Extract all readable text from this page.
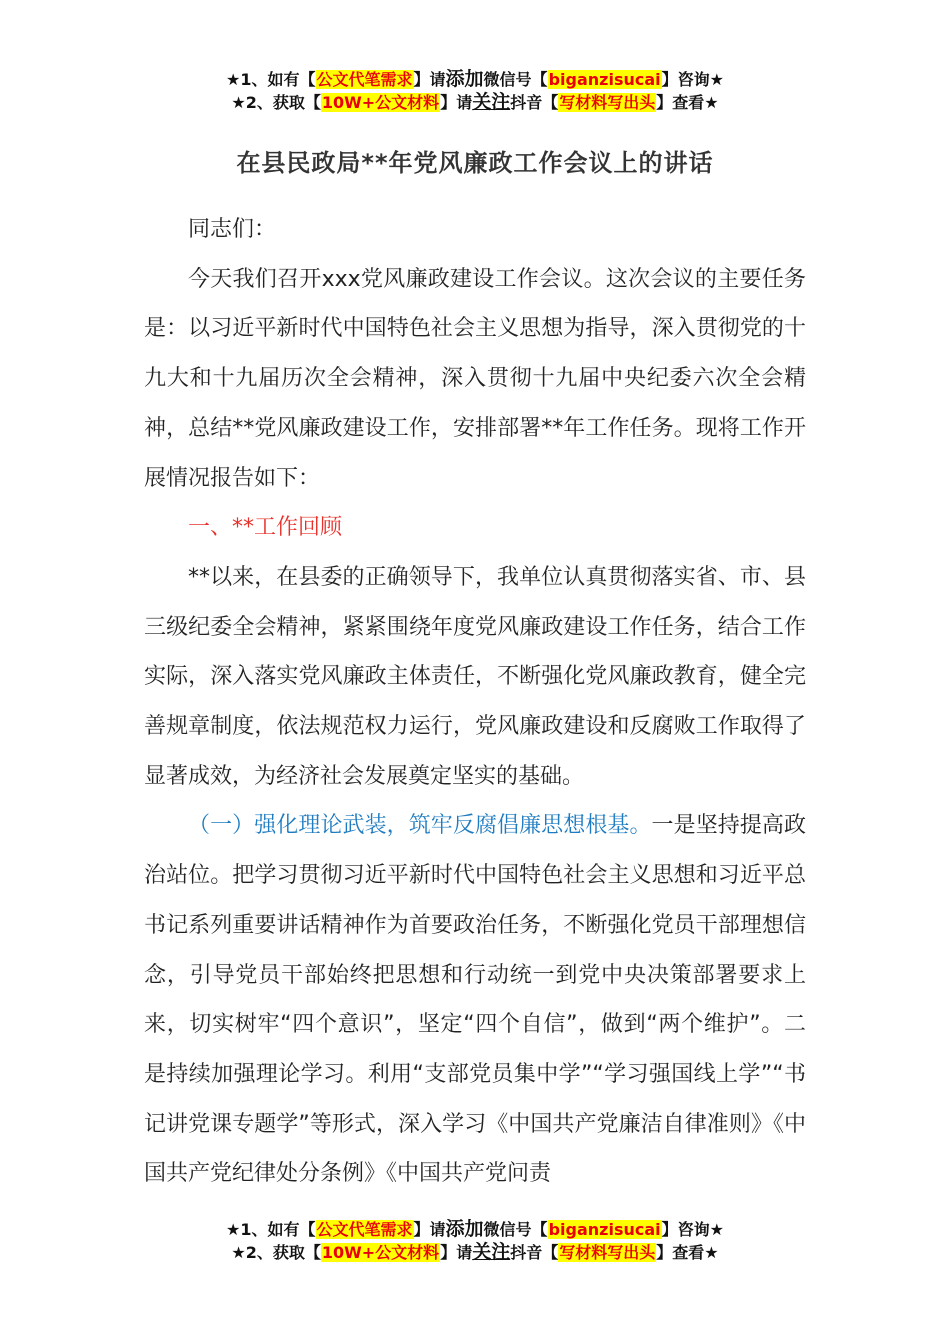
★1、如有【公文代笔需求】请添加微信号【biganzisucai】咨询★
★2、获取【10W+公文材料】请关注抖音【写材料写出头】查看★
在县民政局**年党风廉政工作会议上的讲话

同志们：

今天我们召开xxx党风廉政建设工作会议。这次会议的主要任务是：以习近平新时代中国特色社会主义思想为指导，深入贯彻党的十九大和十九届历次全会精神，深入贯彻十九届中央纪委六次全会精神，总结**党风廉政建设工作，安排部署**年工作任务。现将工作开展情况报告如下：

一、**工作回顾

**以来，在县委的正确领导下，我单位认真贯彻落实省、市、县三级纪委全会精神，紧紧围绕年度党风廉政建设工作任务，结合工作实际，深入落实党风廉政主体责任，不断强化党风廉政教育，健全完善规章制度，依法规范权力运行，党风廉政建设和反腐败工作取得了显著成效，为经济社会发展奠定坚实的基础。

（一）强化理论武装，筑牢反腐倡廉思想根基。一是坚持提高政治站位。把学习贯彻习近平新时代中国特色社会主义思想和习近平总书记系列重要讲话精神作为首要政治任务，不断强化党员干部理想信念，引导党员干部始终把思想和行动统一到党中央决策部署要求上来，切实树牢“四个意识”，坚定“四个自信”，做到“两个维护”。二是持续加强理论学习。利用“支部党员集中学”“学习强国线上学”“书记讲党课专题学”等形式，深入学习《中国共产党廉洁自律准则》《中国共产党纪律处分条例》《中国共产党问责

★1、如有【公文代笔需求】请添加微信号【biganzisucai】咨询★
★2、获取【10W+公文材料】请关注抖音【写材料写出头】查看★
